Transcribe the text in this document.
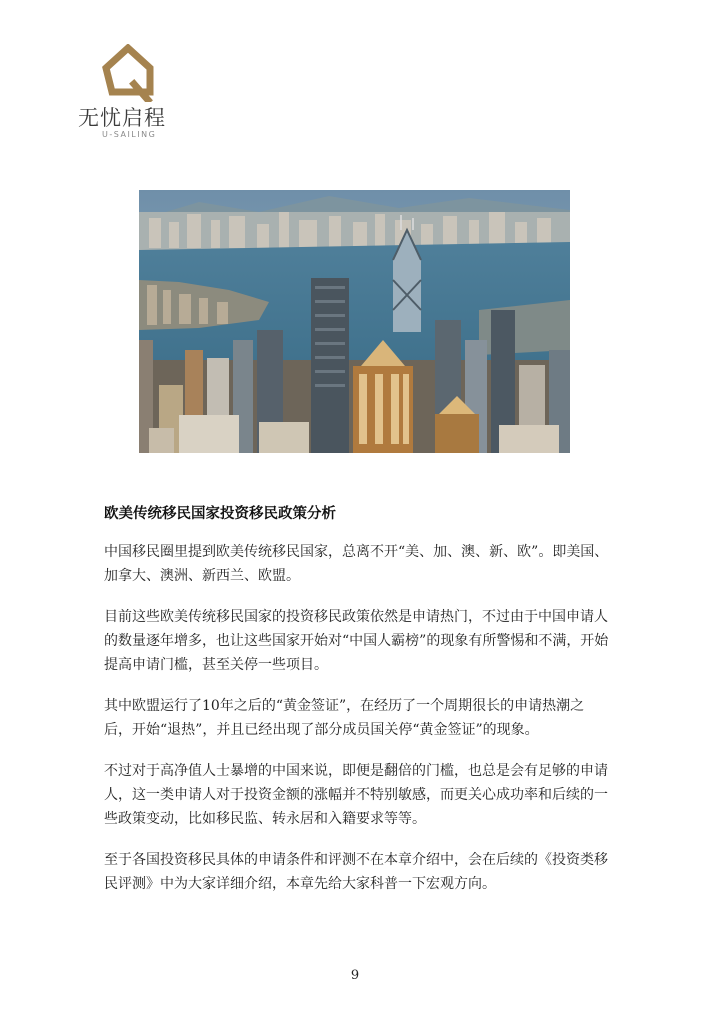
无忧启程
U-SAILING
欧美传统移民国家投资移民政策分析

中国移民圈里提到欧美传统移民国家，总离不开“美、加、澳、新、欧”。即美国、加拿大、澳洲、新西兰、欧盟。

目前这些欧美传统移民国家的投资移民政策依然是申请热门，不过由于中国申请人的数量逐年增多，也让这些国家开始对“中国人霸榜”的现象有所警惕和不满，开始提高申请门槛，甚至关停一些项目。

其中欧盟运行了10年之后的“黄金签证”，在经历了一个周期很长的申请热潮之后，开始“退热”，并且已经出现了部分成员国关停“黄金签证”的现象。

不过对于高净值人士暴增的中国来说，即便是翻倍的门槛，也总是会有足够的申请人，这一类申请人对于投资金额的涨幅并不特别敏感，而更关心成功率和后续的一些政策变动，比如移民监、转永居和入籍要求等等。

至于各国投资移民具体的申请条件和评测不在本章介绍中，会在后续的《投资类移民评测》中为大家详细介绍，本章先给大家科普一下宏观方向。

9
